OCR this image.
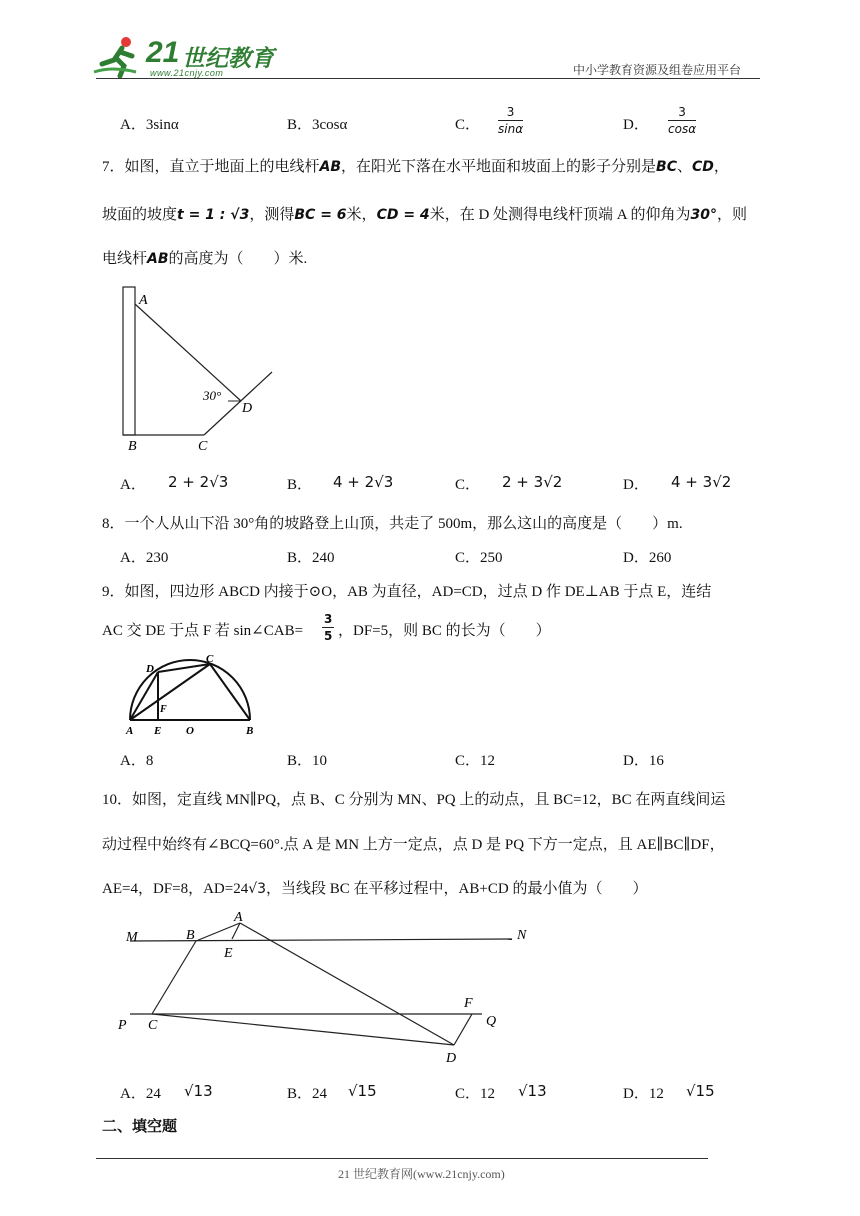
21 世纪教育
www.21cnjy.com	中小学教育资源及组卷应用平台
A．3sinα	B．3cosα	C． $\frac{3}{\sin\alpha}$	D． $\frac{3}{\cos\alpha}$
7．如图，直立于地面上的电线杆AB，在阳光下落在水平地面和坡面上的影子分别是BC、CD，
坡面的坡度t = 1 : √3，测得BC = 6米，CD = 4米，在 D 处测得电线杆顶端 A 的仰角为30°，则
电线杆AB的高度为（　　）米.
A
B	C
D
30°
A． 2 + 2√3	B． 4 + 2√3	C． 2 + 3√2	D． 4 + 3√2
8．一个人从山下沿 30°角的坡路登上山顶，共走了 500m，那么这山的高度是（　　）m.
A．230	B．240	C．250	D．260
9．如图，四边形 ABCD 内接于⊙O，AB 为直径，AD=CD，过点 D 作 DE⊥AB 于点 E，连结
AC 交 DE 于点 F 若 sin∠CAB= $\frac{3}{5}$ ，DF=5，则 BC 的长为（　　）
A E O	B
D
C
F
A．8	B．10	C．12	D．16
10．如图，定直线 MN∥PQ，点 B、C 分别为 MN、PQ 上的动点，且 BC=12，BC 在两直线间运
动过程中始终有∠BCQ=60°.点 A 是 MN 上方一定点，点 D 是 PQ 下方一定点，且 AE∥BC∥DF，
AE=4，DF=8，AD=24√3，当线段 BC 在平移过程中，AB+CD 的最小值为（　　）
M	N
P	Q
A
B
C
D
E
F
A．24 √13	B．24 √15	C．12 √13	D．12 √15
二、填空题
21 世纪教育网(www.21cnjy.com)
